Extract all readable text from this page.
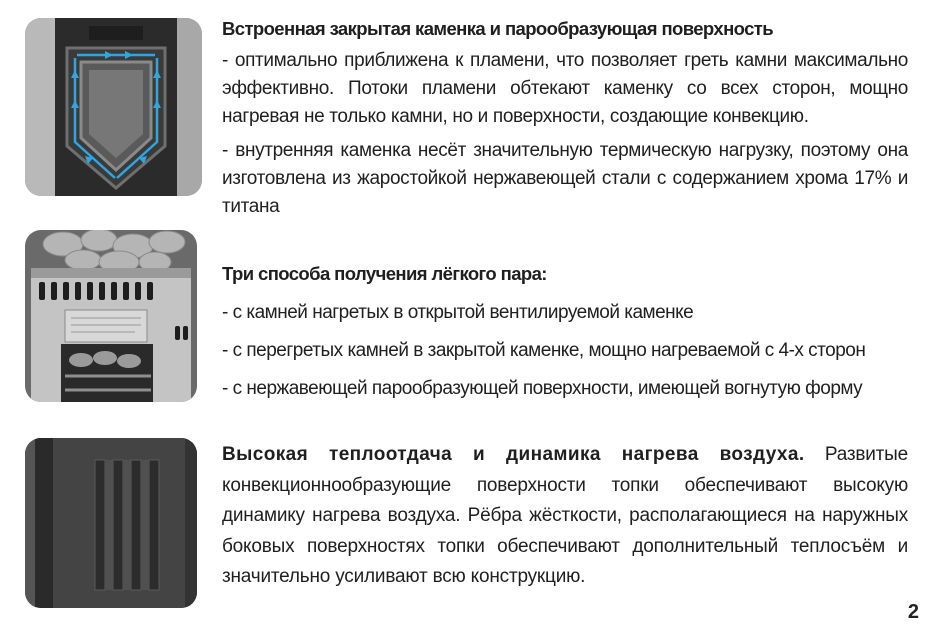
Встроенная закрытая каменка и парообразующая поверхность

- оптимально приближена к пламени, что позволяет греть камни максимально эффективно. Потоки пламени обтекают каменку со всех сторон, мощно нагревая не только камни, но и поверхности, создающие конвекцию.

- внутренняя каменка несёт значительную термическую нагрузку, поэтому она изготовлена из жаростойкой нержавеющей стали с содержанием хрома 17% и титана

Три способа получения лёгкого пара:

- с камней нагретых в открытой вентилируемой каменке

- с перегретых камней в закрытой каменке, мощно нагреваемой с 4-х сторон

- с нержавеющей парообразующей поверхности, имеющей вогнутую форму

Высокая теплоотдача и динамика нагрева воздуха. Развитые конвекционнообразующие поверхности топки обеспечивают высокую динамику нагрева воздуха. Рёбра жёсткости, располагающиеся на наружных боковых поверхностях топки обеспечивают дополнительный теплосъём и значительно усиливают всю конструкцию.

2
